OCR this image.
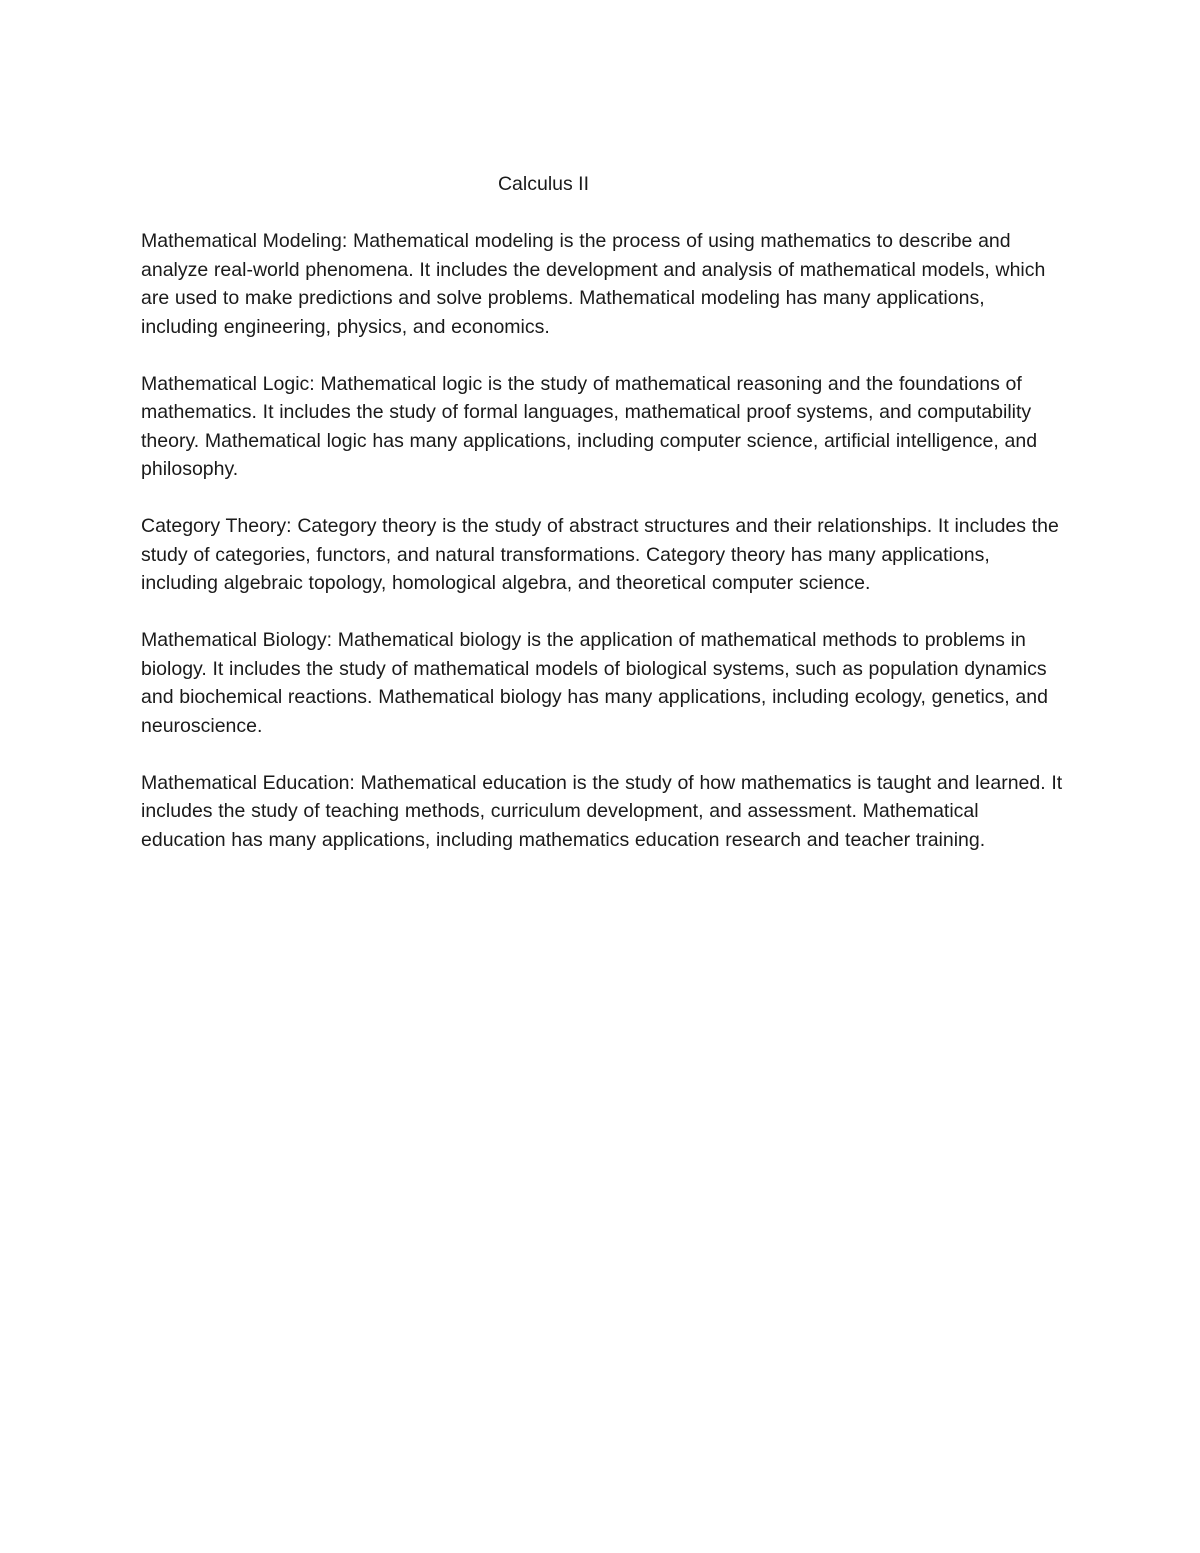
Calculus II

Mathematical Modeling: Mathematical modeling is the process of using mathematics to describe and analyze real-world phenomena. It includes the development and analysis of mathematical models, which are used to make predictions and solve problems. Mathematical modeling has many applications, including engineering, physics, and economics.

Mathematical Logic: Mathematical logic is the study of mathematical reasoning and the foundations of mathematics. It includes the study of formal languages, mathematical proof systems, and computability theory. Mathematical logic has many applications, including computer science, artificial intelligence, and philosophy.

Category Theory: Category theory is the study of abstract structures and their relationships. It includes the study of categories, functors, and natural transformations. Category theory has many applications, including algebraic topology, homological algebra, and theoretical computer science.

Mathematical Biology: Mathematical biology is the application of mathematical methods to problems in biology. It includes the study of mathematical models of biological systems, such as population dynamics and biochemical reactions. Mathematical biology has many applications, including ecology, genetics, and neuroscience.

Mathematical Education: Mathematical education is the study of how mathematics is taught and learned. It includes the study of teaching methods, curriculum development, and assessment. Mathematical education has many applications, including mathematics education research and teacher training.
